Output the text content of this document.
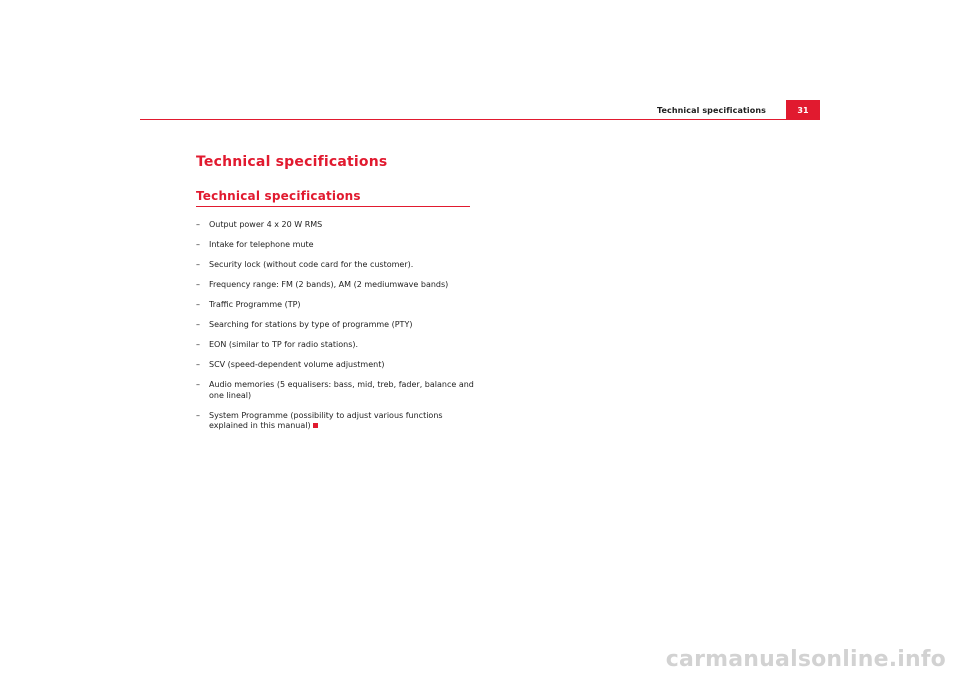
Technical specifications	31
Technical specifications
Technical specifications
– Output power 4 x 20 W RMS
– Intake for telephone mute
– Security lock (without code card for the customer).
– Frequency range: FM (2 bands), AM (2 mediumwave bands)
– Traffic Programme (TP)
– Searching for stations by type of programme (PTY)
– EON (similar to TP for radio stations).
– SCV (speed-dependent volume adjustment)
– Audio memories (5 equalisers: bass, mid, treb, fader, balance and one lineal)
– System Programme (possibility to adjust various functions explained in this manual)
carmanualsonline.info
